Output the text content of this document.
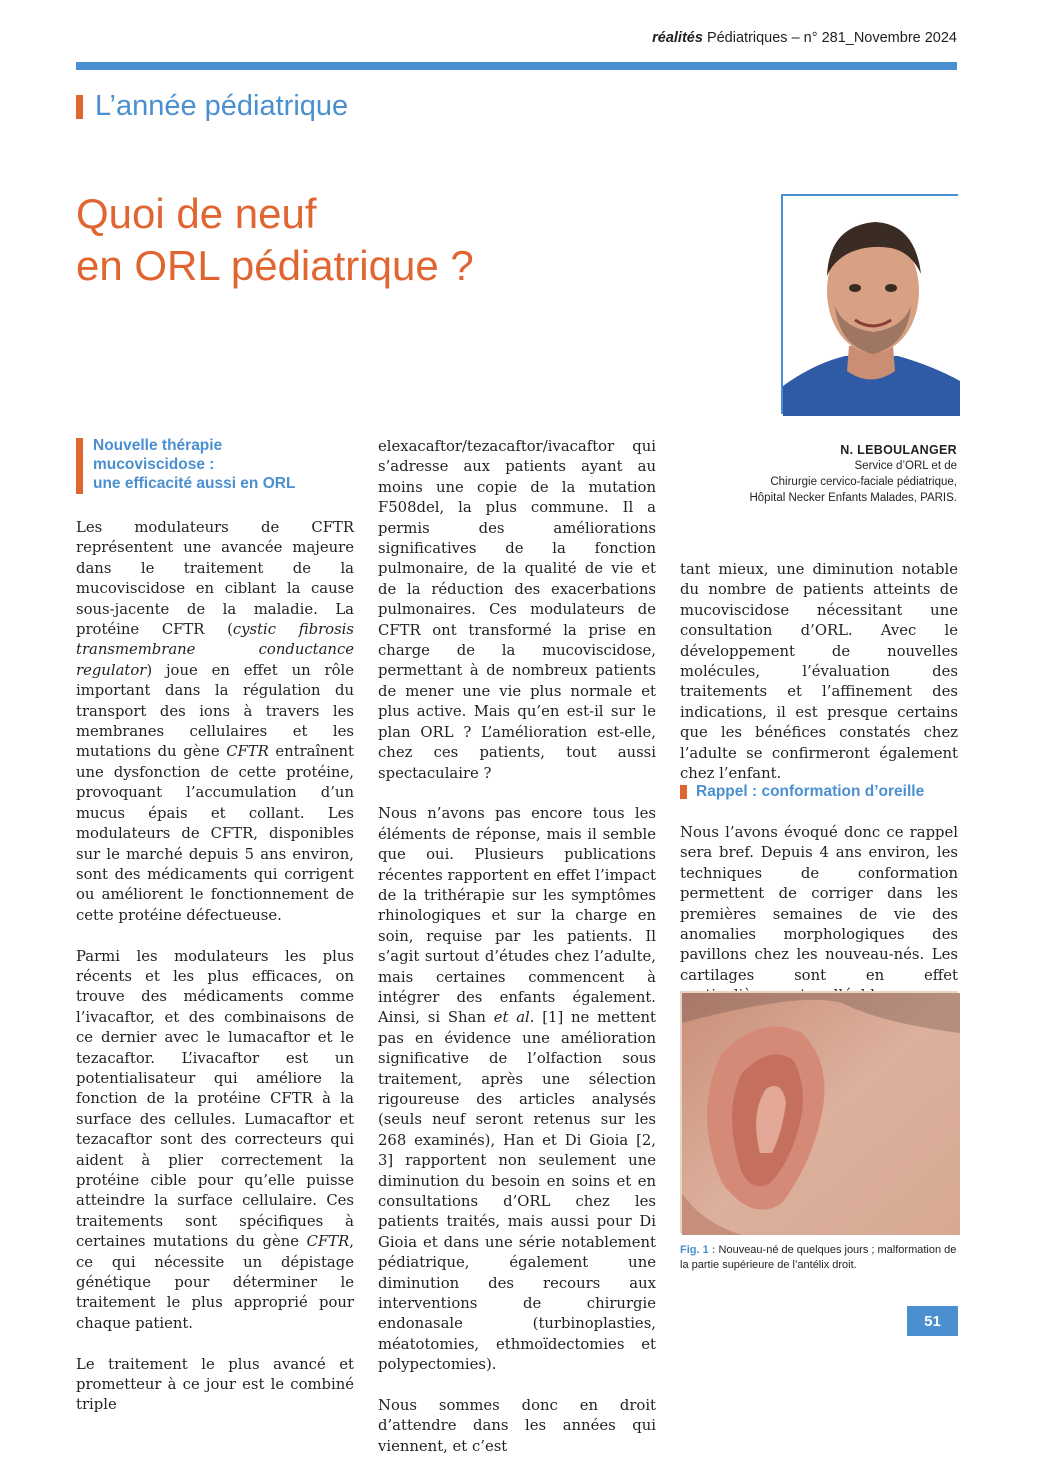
réalités Pédiatriques – n° 281_Novembre 2024
L’année pédiatrique
Quoi de neuf
en ORL pédiatrique ?
N. LEBOULANGER
Service d’ORL et de
Chirurgie cervico-faciale pédiatrique,
Hôpital Necker Enfants Malades, PARIS.
Nouvelle thérapie
mucoviscidose :
une efficacité aussi en ORL

Les modulateurs de CFTR représentent une avancée majeure dans le traitement de la mucoviscidose en ciblant la cause sous-jacente de la maladie. La protéine CFTR (cystic fibrosis transmembrane conductance regulator) joue en effet un rôle important dans la régulation du transport des ions à travers les membranes cellulaires et les mutations du gène CFTR entraînent une dysfonction de cette protéine, provoquant l’accumulation d’un mucus épais et collant. Les modulateurs de CFTR, disponibles sur le marché depuis 5 ans environ, sont des médicaments qui corrigent ou améliorent le fonctionnement de cette protéine défectueuse.

Parmi les modulateurs les plus récents et les plus efficaces, on trouve des médicaments comme l’ivacaftor, et des combinaisons de ce dernier avec le lumacaftor et le tezacaftor. L’ivacaftor est un potentialisateur qui améliore la fonction de la protéine CFTR à la surface des cellules. Lumacaftor et tezacaftor sont des correcteurs qui aident à plier correctement la protéine cible pour qu’elle puisse atteindre la surface cellulaire. Ces traitements sont spécifiques à certaines mutations du gène CFTR, ce qui nécessite un dépistage génétique pour déterminer le traitement le plus approprié pour chaque patient.

Le traitement le plus avancé et prometteur à ce jour est le combiné triple

elexacaftor/tezacaftor/ivacaftor qui s’adresse aux patients ayant au moins une copie de la mutation F508del, la plus commune. Il a permis des améliorations significatives de la fonction pulmonaire, de la qualité de vie et de la réduction des exacerbations pulmonaires. Ces modulateurs de CFTR ont transformé la prise en charge de la mucoviscidose, permettant à de nombreux patients de mener une vie plus normale et plus active. Mais qu’en est-il sur le plan ORL ? L’amélioration est-elle, chez ces patients, tout aussi spectaculaire ?

Nous n’avons pas encore tous les éléments de réponse, mais il semble que oui. Plusieurs publications récentes rapportent en effet l’impact de la trithérapie sur les symptômes rhinologiques et sur la charge en soin, requise par les patients. Il s’agit surtout d’études chez l’adulte, mais certaines commencent à intégrer des enfants également. Ainsi, si Shan et al. [1] ne mettent pas en évidence une amélioration significative de l’olfaction sous traitement, après une sélection rigoureuse des articles analysés (seuls neuf seront retenus sur les 268 examinés), Han et Di Gioia [2, 3] rapportent non seulement une diminution du besoin en soins et en consultations d’ORL chez les patients traités, mais aussi pour Di Gioia et dans une série notablement pédiatrique, également une diminution des recours aux interventions de chirurgie endonasale (turbinoplasties, méatotomies, ethmoïdectomies et polypectomies).

Nous sommes donc en droit d’attendre dans les années qui viennent, et c’est

tant mieux, une diminution notable du nombre de patients atteints de mucoviscidose nécessitant une consultation d’ORL. Avec le développement de nouvelles molécules, l’évaluation des traitements et l’affinement des indications, il est presque certains que les bénéfices constatés chez l’adulte se confirmeront également chez l’enfant.

Rappel : conformation d’oreille

Nous l’avons évoqué donc ce rappel sera bref. Depuis 4 ans environ, les techniques de conformation permettent de corriger dans les premières semaines de vie des anomalies morphologiques des pavillons chez les nouveau-nés. Les cartilages sont en effet

Fig. 1 : Nouveau-né de quelques jours ; malformation de la partie supérieure de l’antélix droit.
51
